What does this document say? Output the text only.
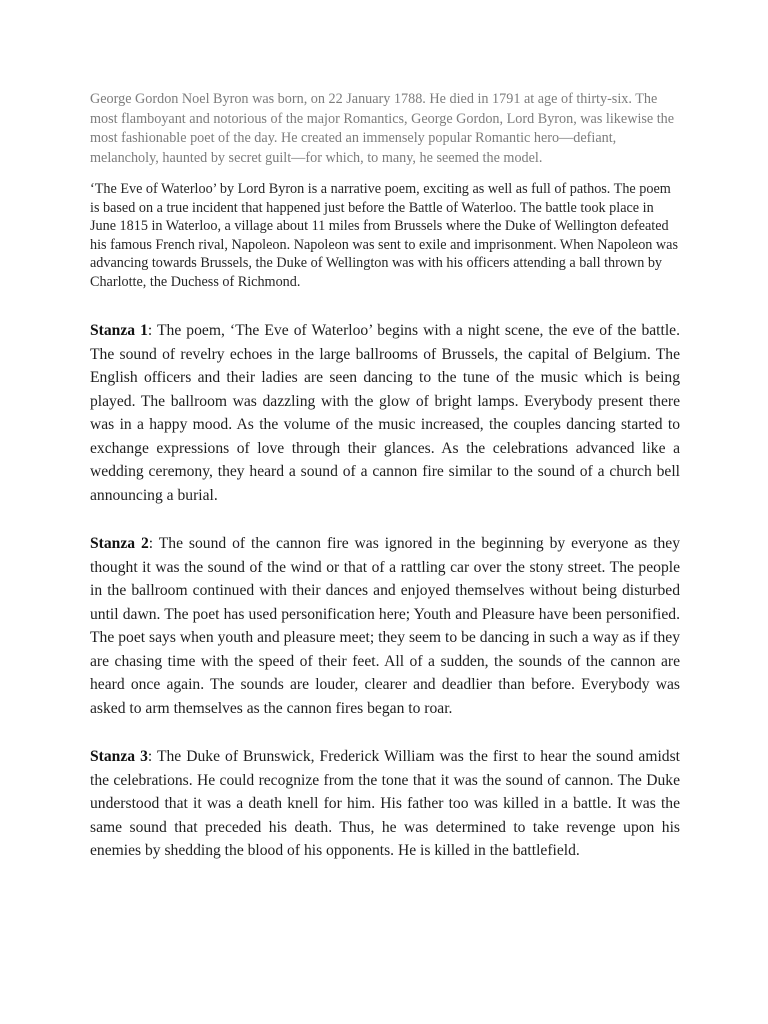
George Gordon Noel Byron was born, on 22 January 1788. He died in 1791 at age of thirty-six. The most flamboyant and notorious of the major Romantics, George Gordon, Lord Byron, was likewise the most fashionable poet of the day. He created an immensely popular Romantic hero—defiant, melancholy, haunted by secret guilt—for which, to many, he seemed the model.

‘The Eve of Waterloo’ by Lord Byron is a narrative poem, exciting as well as full of pathos. The poem is based on a true incident that happened just before the Battle of Waterloo. The battle took place in June 1815 in Waterloo, a village about 11 miles from Brussels where the Duke of Wellington defeated his famous French rival, Napoleon. Napoleon was sent to exile and imprisonment. When Napoleon was advancing towards Brussels, the Duke of Wellington was with his officers attending a ball thrown by Charlotte, the Duchess of Richmond.

Stanza 1: The poem, ‘The Eve of Waterloo’ begins with a night scene, the eve of the battle. The sound of revelry echoes in the large ballrooms of Brussels, the capital of Belgium. The English officers and their ladies are seen dancing to the tune of the music which is being played. The ballroom was dazzling with the glow of bright lamps. Everybody present there was in a happy mood. As the volume of the music increased, the couples dancing started to exchange expressions of love through their glances. As the celebrations advanced like a wedding ceremony, they heard a sound of a cannon fire similar to the sound of a church bell announcing a burial.

Stanza 2: The sound of the cannon fire was ignored in the beginning by everyone as they thought it was the sound of the wind or that of a rattling car over the stony street. The people in the ballroom continued with their dances and enjoyed themselves without being disturbed until dawn. The poet has used personification here; Youth and Pleasure have been personified. The poet says when youth and pleasure meet; they seem to be dancing in such a way as if they are chasing time with the speed of their feet. All of a sudden, the sounds of the cannon are heard once again. The sounds are louder, clearer and deadlier than before. Everybody was asked to arm themselves as the cannon fires began to roar.

Stanza 3: The Duke of Brunswick, Frederick William was the first to hear the sound amidst the celebrations. He could recognize from the tone that it was the sound of cannon. The Duke understood that it was a death knell for him. His father too was killed in a battle. It was the same sound that preceded his death. Thus, he was determined to take revenge upon his enemies by shedding the blood of his opponents. He is killed in the battlefield.
